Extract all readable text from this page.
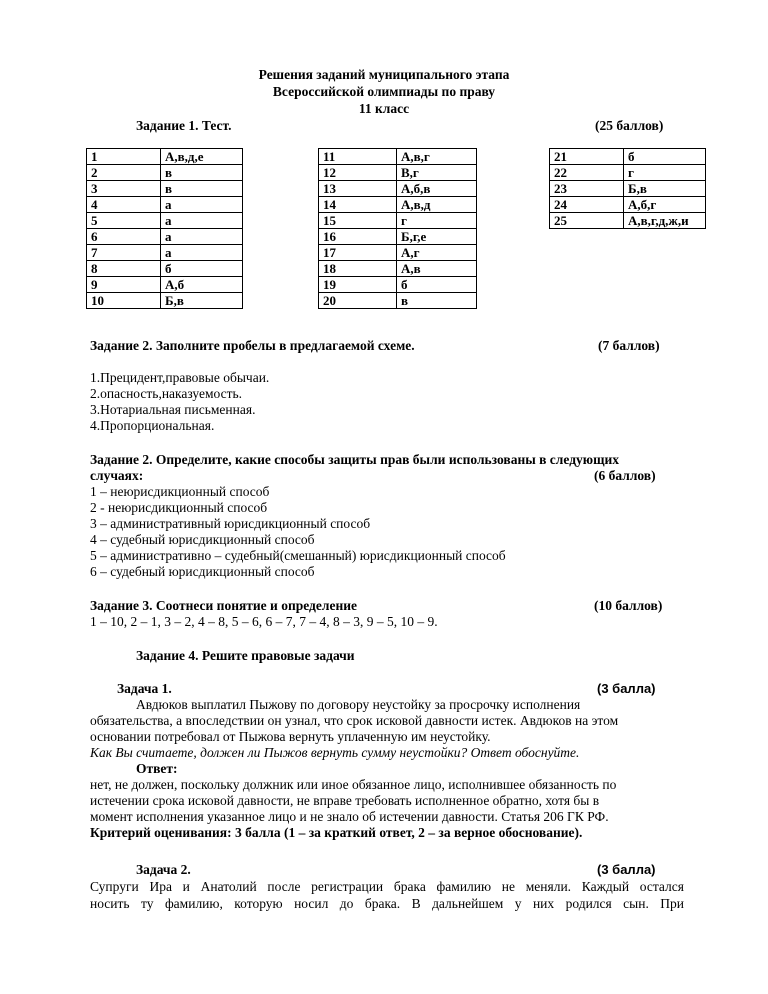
Решения заданий муниципального этапа
Всероссийской олимпиады по праву
11 класс
Задание 1. Тест.	(25 баллов)
1	А,в,д,е
2	в
3	в
4	а
5	а
6	а
7	а
8	б
9	А,б
10	Б,в
11	А,в,г
12	В,г
13	А,б,в
14	А,в,д
15	г
16	Б,г,е
17	А,г
18	А,в
19	б
20	в
21	б
22	г
23	Б,в
24	А,б,г
25	А,в,г,д,ж,и
Задание 2. Заполните пробелы в предлагаемой схеме.	(7 баллов)
1.Прецидент,правовые обычаи.
2.опасность,наказуемость.
3.Нотариальная письменная.
4.Пропорциональная.
Задание 2. Определите, какие способы защиты прав были использованы в следующих
случаях:	(6 баллов)
1 – неюрисдикционный способ
2 - неюрисдикционный способ
3 – административный юрисдикционный способ
4 – судебный юрисдикционный способ
5 – административно – судебный(смешанный) юрисдикционный способ
6 – судебный юрисдикционный способ
Задание 3. Соотнеси понятие и определение	(10 баллов)
1 – 10, 2 – 1, 3 – 2, 4 – 8, 5 – 6, 6 – 7, 7 – 4, 8 – 3, 9 – 5, 10 – 9.
Задание 4. Решите правовые задачи
Задача 1.	(3 балла)
Авдюков выплатил Пыжову по договору неустойку за просрочку исполнения
обязательства, а впоследствии он узнал, что срок исковой давности истек. Авдюков на этом
основании потребовал от Пыжова вернуть уплаченную им неустойку.
Как Вы считаете, должен ли Пыжов вернуть сумму неустойки? Ответ обоснуйте.
Ответ:
нет, не должен, поскольку должник или иное обязанное лицо, исполнившее обязанность по
истечении срока исковой давности, не вправе требовать исполненное обратно, хотя бы в
момент исполнения указанное лицо и не знало об истечении давности. Статья 206 ГК РФ.
Критерий оценивания: 3 балла (1 – за краткий ответ, 2 – за верное обоснование).
Задача 2.	(3 балла)
Супруги Ира и Анатолий после регистрации брака фамилию не меняли. Каждый остался
носить ту фамилию, которую носил до брака. В дальнейшем у них родился сын. При
